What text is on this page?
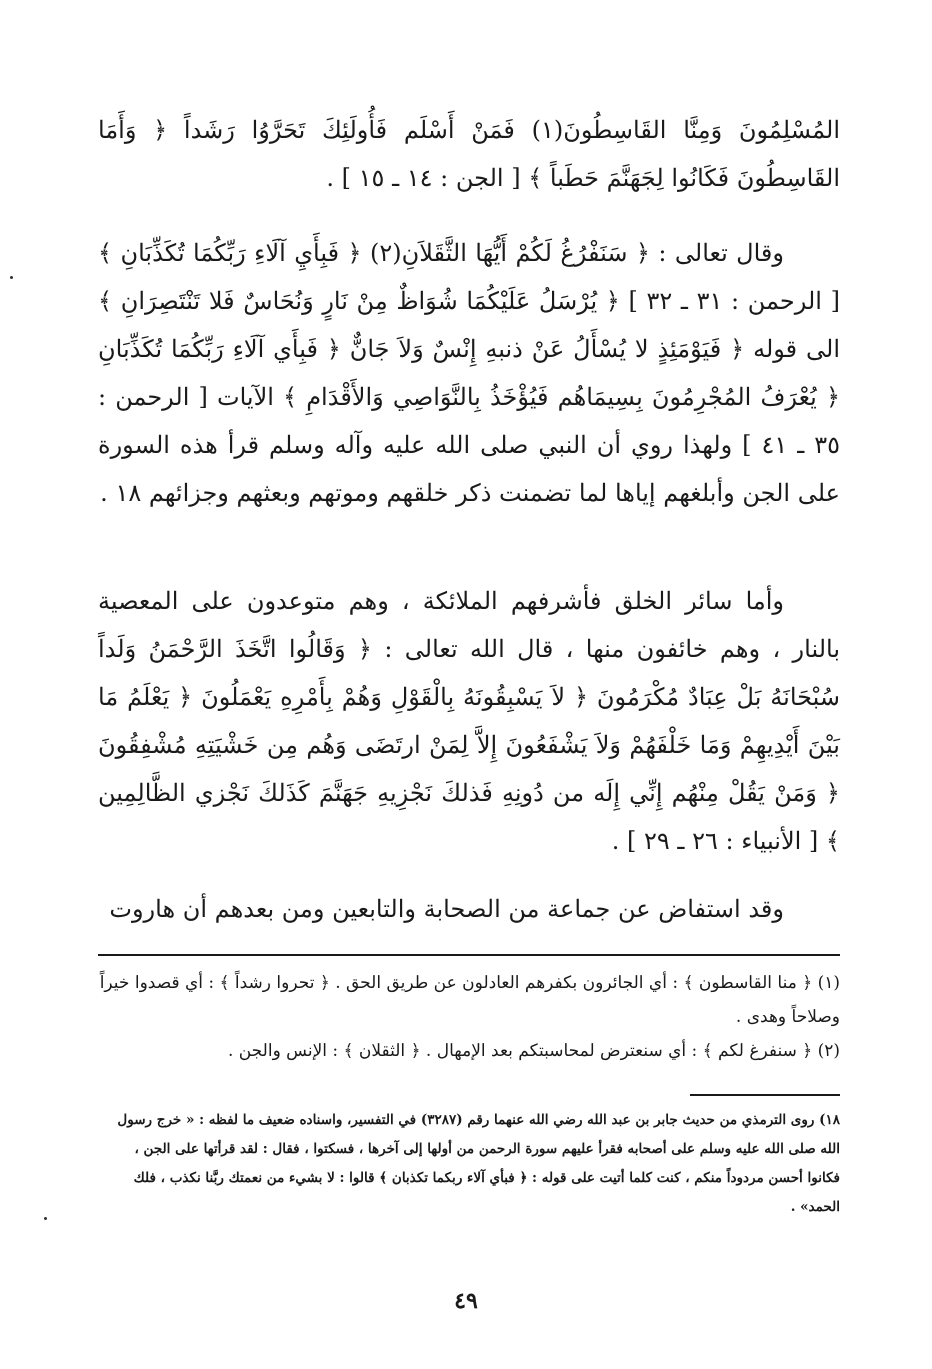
المُسْلِمُونَ وَمِنَّا القَاسِطُونَ(١) فَمَنْ أَسْلَم فَأُولَئِكَ تَحَرَّوُا رَشَداً ﴿ وَأَمَا القَاسِطُونَ فَكَانُوا لِجَهَنَّمَ حَطَباً ﴾ [ الجن : ١٤ ـ ١٥ ] .

وقال تعالى : ﴿ سَنَفْرُغُ لَكُمْ أَيُّهَا الثَّقَلاَنِ(٢) ﴿ فَبِأَيِ آلَاءِ رَبِّكُمَا تُكَذِّبَانِ ﴾ [ الرحمن : ٣١ ـ ٣٢ ] ﴿ يُرْسَلُ عَلَيْكُمَا شُوَاظٌ مِنْ نَارٍ وَنُحَاسٌ فَلا تَنْتَصِرَانِ ﴾ الى قوله ﴿ فَيَوْمَئِذٍ لا يُسْأَلُ عَنْ ذنبهِ إِنْسٌ وَلاَ جَانٌّ ﴿ فَبِأَي آلَاءِ رَبِّكُمَا تُكَذِّبَانِ ﴿ يُعْرَفُ المُجْرِمُونَ بِسِيمَاهُم فَيُؤْخَذُ بِالنَّوَاصِي وَالأَقْدَامِ ﴾ الآيات [ الرحمن : ٣٥ ـ ٤١ ] ولهذا روي أن النبي صلى الله عليه وآله وسلم قرأ هذه السورة على الجن وأبلغهم إياها لما تضمنت ذكر خلقهم وموتهم وبعثهم وجزائهم ١٨ .

وأما سائر الخلق فأشرفهم الملائكة ، وهم متوعدون على المعصية بالنار ، وهم خائفون منها ، قال الله تعالى : ﴿ وَقَالُوا اتَّخَذَ الرَّحْمَنُ وَلَداً سُبْحَانَهُ بَلْ عِبَادٌ مُكْرَمُونَ ﴿ لاَ يَسْبِقُونَهُ بِالْقَوْلِ وَهُمْ بِأَمْرِهِ يَعْمَلُونَ ﴿ يَعْلَمُ مَا بَيْنَ أَيْدِيهِمْ وَمَا خَلْفَهُمْ وَلاَ يَشْفَعُونَ إِلاَّ لِمَنْ ارتَضَى وَهُم مِن خَشْيَتِهِ مُشْفِقُونَ ﴿ وَمَنْ يَقُلْ مِنْهُم إِنِّي إِلَه من دُونِهِ فَذلكَ نَجْزِيهِ جَهَنَّمَ كَذَلكَ نَجْزي الظَّالِمِين ﴾ [ الأنبياء : ٢٦ ـ ٢٩ ] .

وقد استفاض عن جماعة من الصحابة والتابعين ومن بعدهم أن هاروت

(١) ﴿ منا القاسطون ﴾ : أي الجائرون بكفرهم العادلون عن طريق الحق . ﴿ تحروا رشداً ﴾ : أي قصدوا خيراً وصلاحاً وهدى .

(٢) ﴿ سنفرغ لكم ﴾ : أي سنعترض لمحاسبتكم بعد الإمهال . ﴿ الثقلان ﴾ : الإنس والجن .

١٨) روى الترمذي من حديث جابر بن عبد الله رضي الله عنهما رقم (٣٢٨٧) في التفسير، واسناده ضعيف ما لفظه : « خرج رسول الله صلى الله عليه وسلم على أصحابه فقرأ عليهم سورة الرحمن من أولها إلى آخرها ، فسكتوا ، فقال : لقد قرأتها على الجن ، فكانوا أحسن مردوداً منكم ، كنت كلما أتيت على قوله : ﴿ فبأي آلاء ربكما تكذبان ﴾ قالوا : لا بشيء من نعمتك ربَّنا نكذب ، فلك الحمد» .

٤٩
